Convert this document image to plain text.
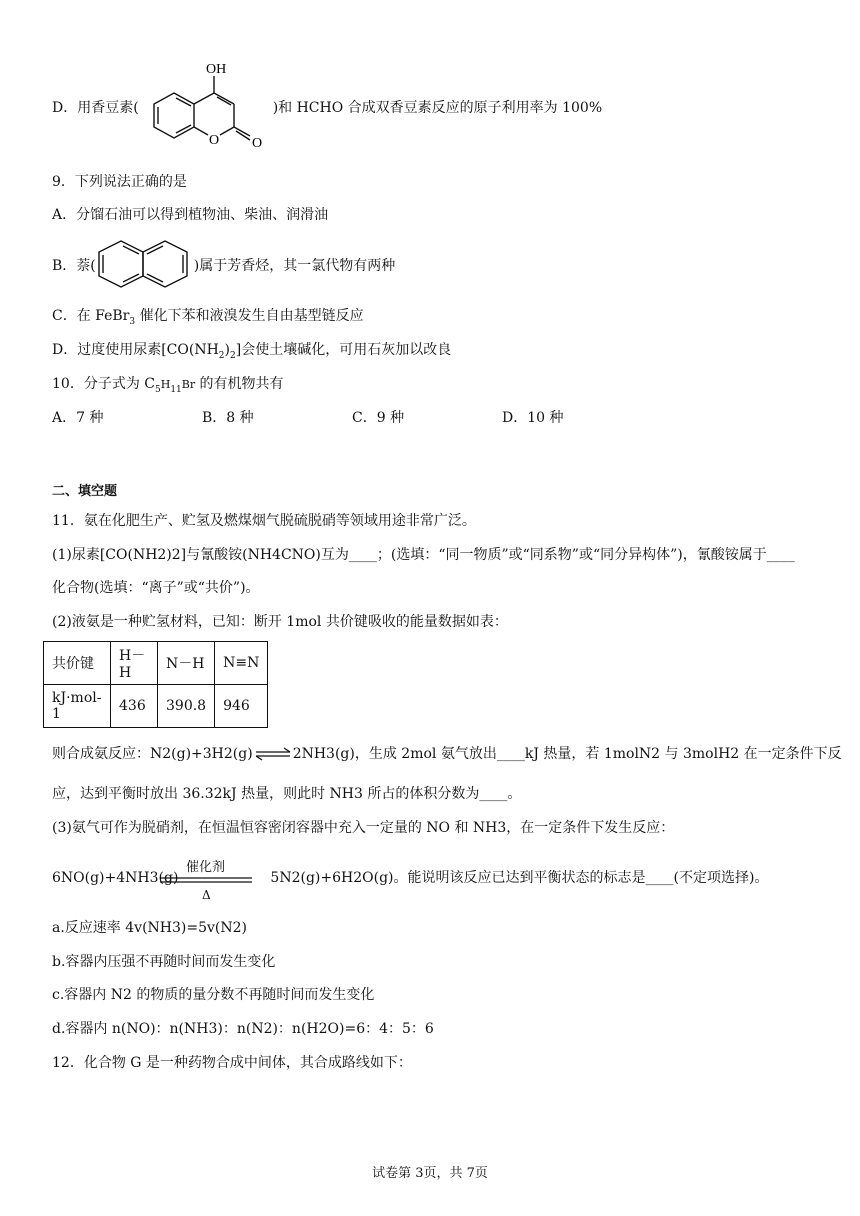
D．用香豆素(	)和 HCHO 合成双香豆素反应的原子利用率为 100%
OH
O O
9．下列说法正确的是
A．分馏石油可以得到植物油、柴油、润滑油
B．萘(	)属于芳香烃，其一氯代物有两种
C．在 FeBr$_3$ 催化下苯和液溴发生自由基型链反应
D．过度使用尿素$[CO(NH_2)_2]$会使土壤碱化，可用石灰加以改良
10．分子式为 $C_5H_{11}Br$ 的有机物共有
A．7 种	B．8 种	C．9 种	D．10 种
二、填空题
11．氨在化肥生产、贮氢及燃煤烟气脱硫脱硝等领域用途非常广泛。
(1)尿素[CO(NH2)2]与氰酸铵(NH4CNO)互为____；(选填：“同一物质”或“同系物”或“同分异构体”)，氰酸铵属于____
化合物(选填：“离子”或“共价”)。
(2)液氨是一种贮氢材料，已知：断开 1mol 共价键吸收的能量数据如表：
共价键	H－H	N－H	N≡N
kJ·mol-1	436	390.8	946
则合成氨反应：N2(g)+3H2(g)⇌2NH3(g)，生成 2mol 氨气放出____kJ 热量，若 1molN2 与 3molH2 在一定条件下反
应，达到平衡时放出 36.32kJ 热量，则此时 NH3 所占的体积分数为____。
(3)氨气可作为脱硝剂，在恒温恒容密闭容器中充入一定量的 NO 和 NH3，在一定条件下发生反应：
6NO(g)+4NH3(g)	5N2(g)+6H2O(g)。能说明该反应已达到平衡状态的标志是____(不定项选择)。
催化剂
Δ
a.反应速率 4v(NH3)=5v(N2)
b.容器内压强不再随时间而发生变化
c.容器内 N2 的物质的量分数不再随时间而发生变化
d.容器内 n(NO)：n(NH3)：n(N2)：n(H2O)=6：4：5：6
12．化合物 G 是一种药物合成中间体，其合成路线如下：
试卷第 3页，共 7页
